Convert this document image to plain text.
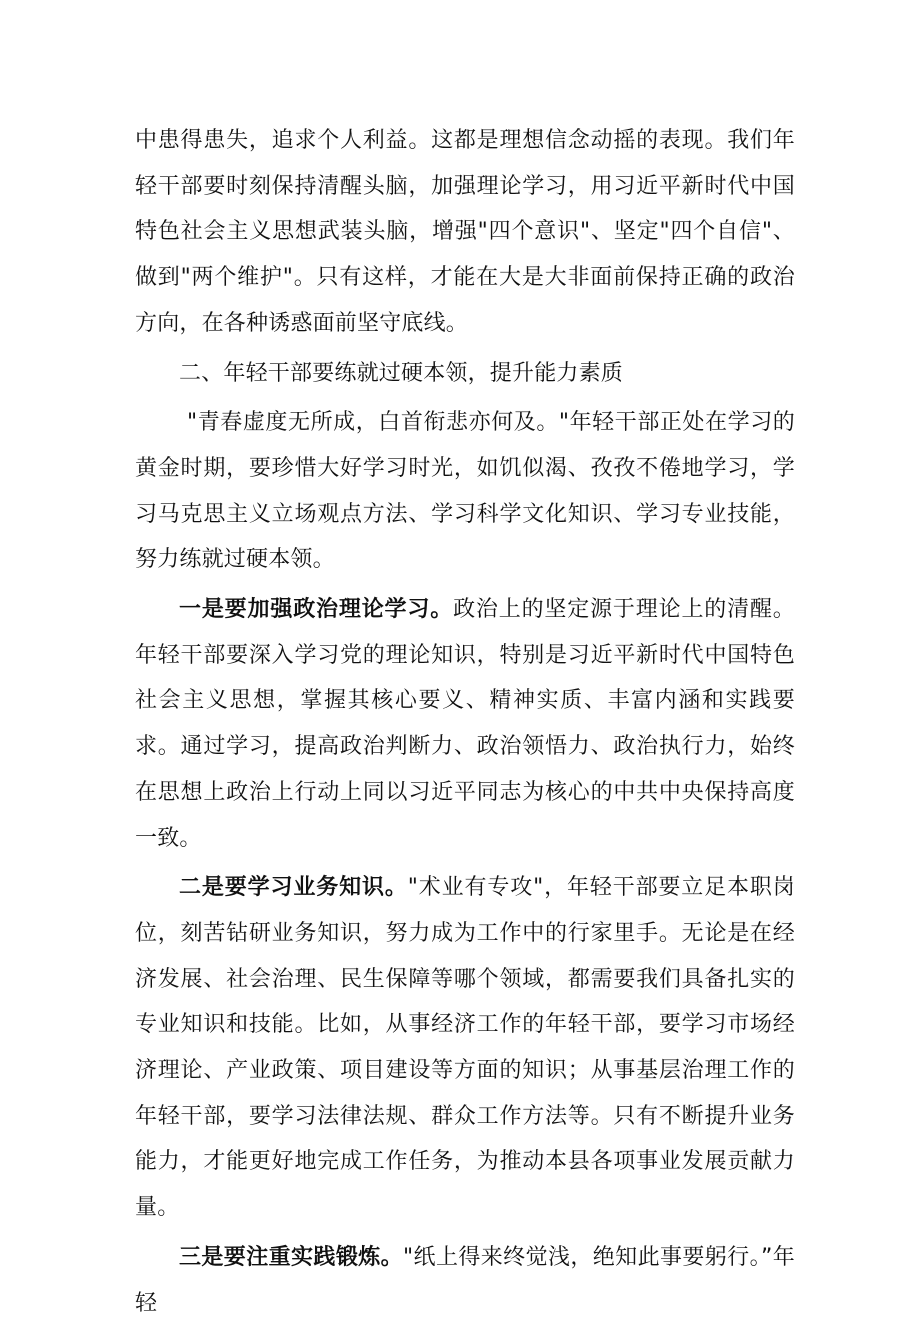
中患得患失，追求个人利益。这都是理想信念动摇的表现。我们年轻干部要时刻保持清醒头脑，加强理论学习，用习近平新时代中国特色社会主义思想武装头脑，增强"四个意识"、坚定"四个自信"、做到"两个维护"。只有这样，才能在大是大非面前保持正确的政治方向，在各种诱惑面前坚守底线。

二、年轻干部要练就过硬本领，提升能力素质

"青春虚度无所成，白首衔悲亦何及。"年轻干部正处在学习的黄金时期，要珍惜大好学习时光，如饥似渴、孜孜不倦地学习，学习马克思主义立场观点方法、学习科学文化知识、学习专业技能，努力练就过硬本领。

一是要加强政治理论学习。政治上的坚定源于理论上的清醒。年轻干部要深入学习党的理论知识，特别是习近平新时代中国特色社会主义思想，掌握其核心要义、精神实质、丰富内涵和实践要求。通过学习，提高政治判断力、政治领悟力、政治执行力，始终在思想上政治上行动上同以习近平同志为核心的中共中央保持高度一致。

二是要学习业务知识。"术业有专攻"，年轻干部要立足本职岗位，刻苦钻研业务知识，努力成为工作中的行家里手。无论是在经济发展、社会治理、民生保障等哪个领域，都需要我们具备扎实的专业知识和技能。比如，从事经济工作的年轻干部，要学习市场经济理论、产业政策、项目建设等方面的知识；从事基层治理工作的年轻干部，要学习法律法规、群众工作方法等。只有不断提升业务能力，才能更好地完成工作任务，为推动本县各项事业发展贡献力量。

三是要注重实践锻炼。"纸上得来终觉浅，绝知此事要躬行。”年轻
